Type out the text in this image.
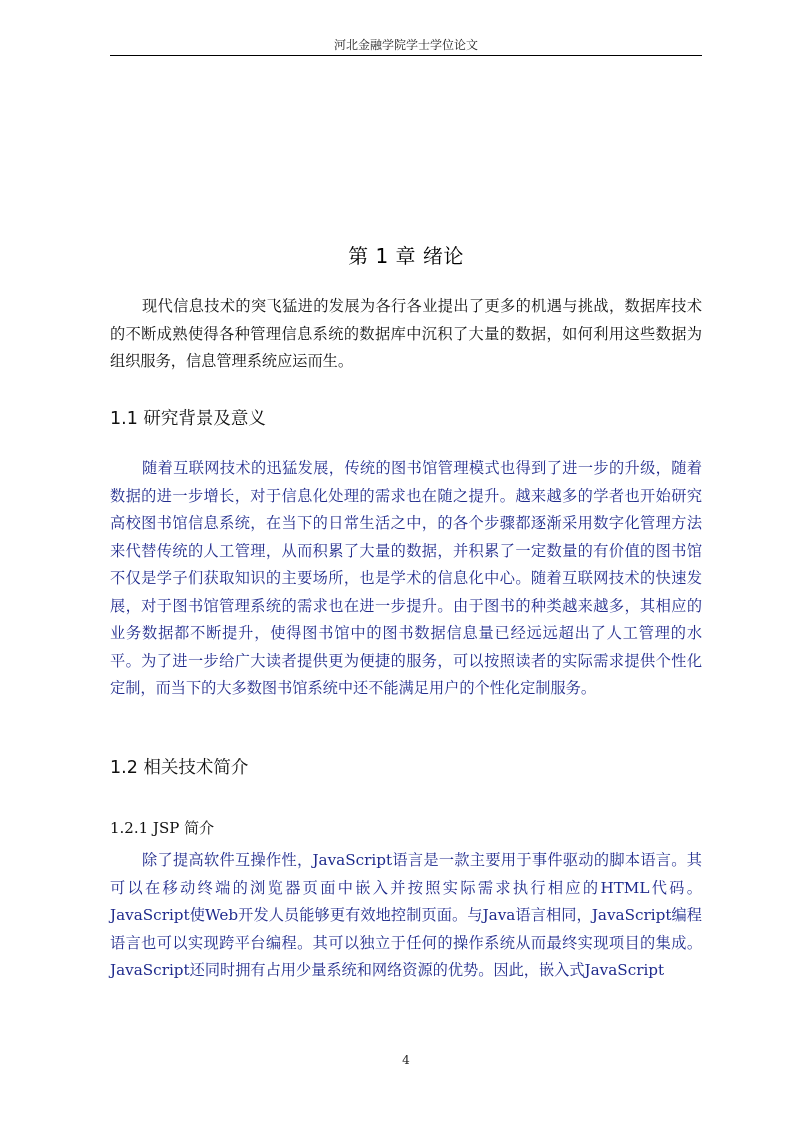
河北金融学院学士学位论文
第 1 章 绪论

现代信息技术的突飞猛进的发展为各行各业提出了更多的机遇与挑战，数据库技术的不断成熟使得各种管理信息系统的数据库中沉积了大量的数据，如何利用这些数据为组织服务，信息管理系统应运而生。

1.1 研究背景及意义

随着互联网技术的迅猛发展，传统的图书馆管理模式也得到了进一步的升级，随着数据的进一步增长，对于信息化处理的需求也在随之提升。越来越多的学者也开始研究高校图书馆信息系统，在当下的日常生活之中，的各个步骤都逐渐采用数字化管理方法来代替传统的人工管理，从而积累了大量的数据，并积累了一定数量的有价值的图书馆不仅是学子们获取知识的主要场所，也是学术的信息化中心。随着互联网技术的快速发展，对于图书馆管理系统的需求也在进一步提升。由于图书的种类越来越多，其相应的业务数据都不断提升，使得图书馆中的图书数据信息量已经远远超出了人工管理的水平。为了进一步给广大读者提供更为便捷的服务，可以按照读者的实际需求提供个性化定制，而当下的大多数图书馆系统中还不能满足用户的个性化定制服务。

1.2 相关技术简介
1.2.1 JSP 简介

除了提高软件互操作性，JavaScript语言是一款主要用于事件驱动的脚本语言。其可以在移动终端的浏览器页面中嵌入并按照实际需求执行相应的HTML代码。JavaScript使Web开发人员能够更有效地控制页面。与Java语言相同，JavaScript编程语言也可以实现跨平台编程。其可以独立于任何的操作系统从而最终实现项目的集成。JavaScript还同时拥有占用少量系统和网络资源的优势。因此，嵌入式JavaScript

4
